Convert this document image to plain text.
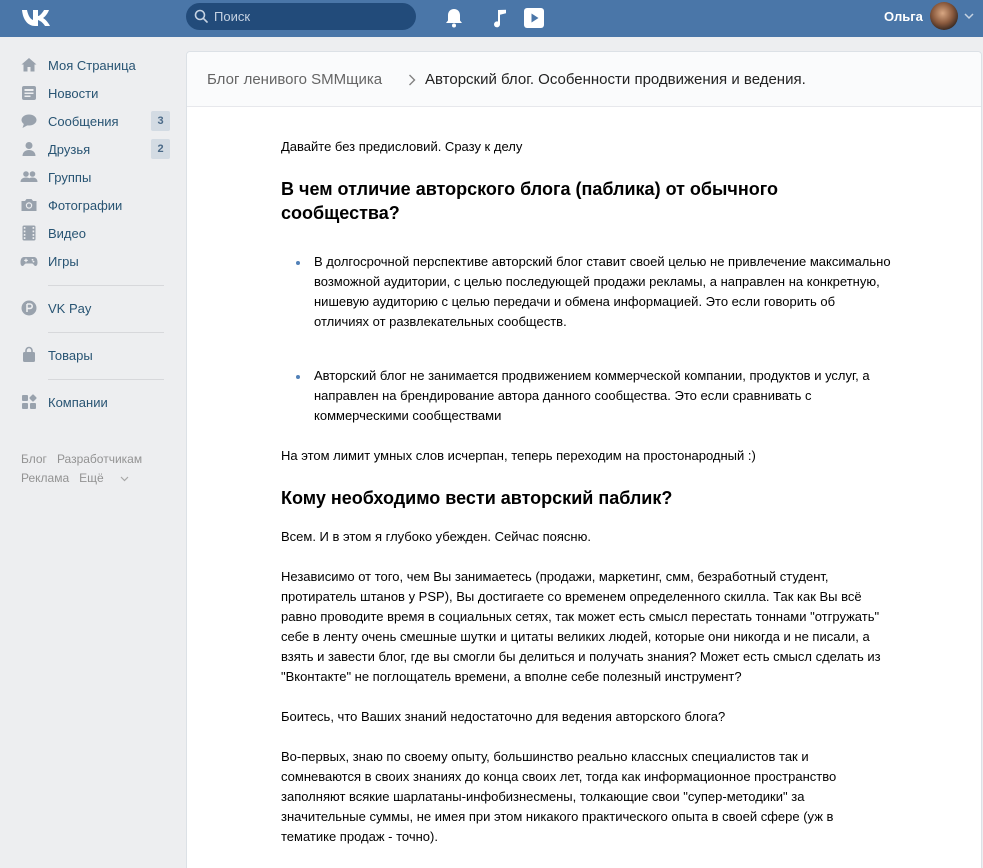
Поиск
Ольга
Моя Страница
Новости
Сообщения	3
Друзья	2
Группы
Фотографии
Видео
Игры
VK Pay
Товары
Компании
Блог Разработчикам
Реклама Ещё
Блог ленивого SMMщика	Авторский блог. Особенности продвижения и ведения.

Давайте без предисловий. Сразу к делу

В чем отличие авторского блога (паблика) от обычного сообщества?
В долгосрочной перспективе авторский блог ставит своей целью не привлечение максимально возможной аудитории, с целью последующей продажи рекламы, а направлен на конкретную, нишевую аудиторию с целью передачи и обмена информацией. Это если говорить об отличиях от развлекательных сообществ.
Авторский блог не занимается продвижением коммерческой компании, продуктов и услуг, а направлен на брендирование автора данного сообщества. Это если сравнивать с коммерческими сообществами

На этом лимит умных слов исчерпан, теперь переходим на простонародный :)

Кому необходимо вести авторский паблик?

Всем. И в этом я глубоко убежден. Сейчас поясню.

Независимо от того, чем Вы занимаетесь (продажи, маркетинг, смм, безработный студент, протиратель штанов у PSP), Вы достигаете со временем определенного скилла. Так как Вы всё равно проводите время в социальных сетях, так может есть смысл перестать тоннами "отгружать" себе в ленту очень смешные шутки и цитаты великих людей, которые они никогда и не писали, а взять и завести блог, где вы смогли бы делиться и получать знания? Может есть смысл сделать из "Вконтакте" не поглощатель времени, а вполне себе полезный инструмент?

Боитесь, что Ваших знаний недостаточно для ведения авторского блога?

Во-первых, знаю по своему опыту, большинство реально классных специалистов так и сомневаются в своих знаниях до конца своих лет, тогда как информационное пространство заполняют всякие шарлатаны-инфобизнесмены, толкающие свои "супер-методики" за значительные суммы, не имея при этом никакого практического опыта в своей сфере (уж в тематике продаж - точно).
